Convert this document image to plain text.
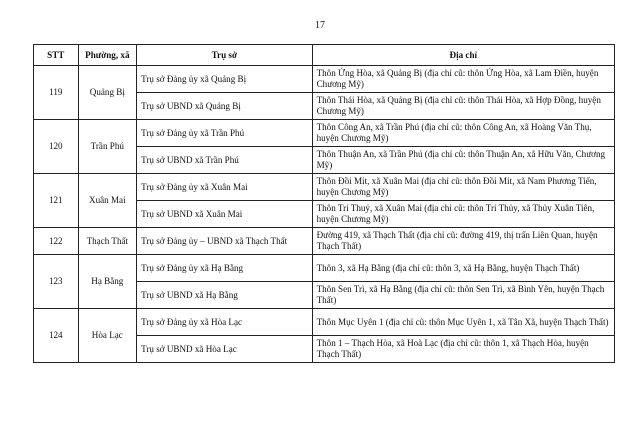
17
STT	Phường, xã	Trụ sở	Địa chỉ
119	Quảng Bị	Trụ sở Đảng ủy xã Quảng Bị	Thôn Ứng Hòa, xã Quảng Bị (địa chỉ cũ: thôn Ứng Hòa, xã Lam Điền, huyện Chương Mỹ)
		Trụ sở UBND xã Quảng Bị	Thôn Thái Hòa, xã Quảng Bị (địa chỉ cũ: thôn Thái Hòa, xã Hợp Đồng, huyện Chương Mỹ)
120	Trần Phú	Trụ sở Đảng ủy xã Trần Phú	Thôn Công An, xã Trần Phú (địa chỉ cũ: thôn Công An, xã Hoàng Văn Thụ, huyện Chương Mỹ)
		Trụ sở UBND xã Trần Phú	Thôn Thuận An, xã Trần Phú (địa chỉ cũ: thôn Thuận An, xã Hữu Văn, Chương Mỹ)
121	Xuân Mai	Trụ sở Đảng ủy xã Xuân Mai	Thôn Đồi Mít, xã Xuân Mai (địa chỉ cũ: thôn Đồi Mít, xã Nam Phương Tiến, huyện Chương Mỹ)
		Trụ sở UBND xã Xuân Mai	Thôn Trí Thuỷ, xã Xuân Mai (địa chỉ cũ: thôn Trí Thủy, xã Thủy Xuân Tiên, huyện Chương Mỹ)
122	Thạch Thất	Trụ sở Đảng ủy – UBND xã Thạch Thất	Đường 419, xã Thạch Thất (địa chỉ cũ: đường 419, thị trấn Liên Quan, huyện Thạch Thất)
123	Hạ Bằng	Trụ sở Đảng ủy xã Hạ Bằng	Thôn 3, xã Hạ Bằng (địa chỉ cũ: thôn 3, xã Hạ Bằng, huyện Thạch Thất)
		Trụ sở UBND xã Hạ Bằng	Thôn Sen Trì, xã Hạ Bằng (địa chỉ cũ: thôn Sen Trì, xã Bình Yên, huyện Thạch Thất)
124	Hòa Lạc	Trụ sở Đảng ủy xã Hòa Lạc	Thôn Mục Uyên 1 (địa chỉ cũ: thôn Mục Uyên 1, xã Tân Xã, huyện Thạch Thất)
		Trụ sở UBND xã Hòa Lạc	Thôn 1 – Thạch Hòa, xã Hoà Lạc (địa chỉ cũ: thôn 1, xã Thạch Hòa, huyện Thạch Thất)
